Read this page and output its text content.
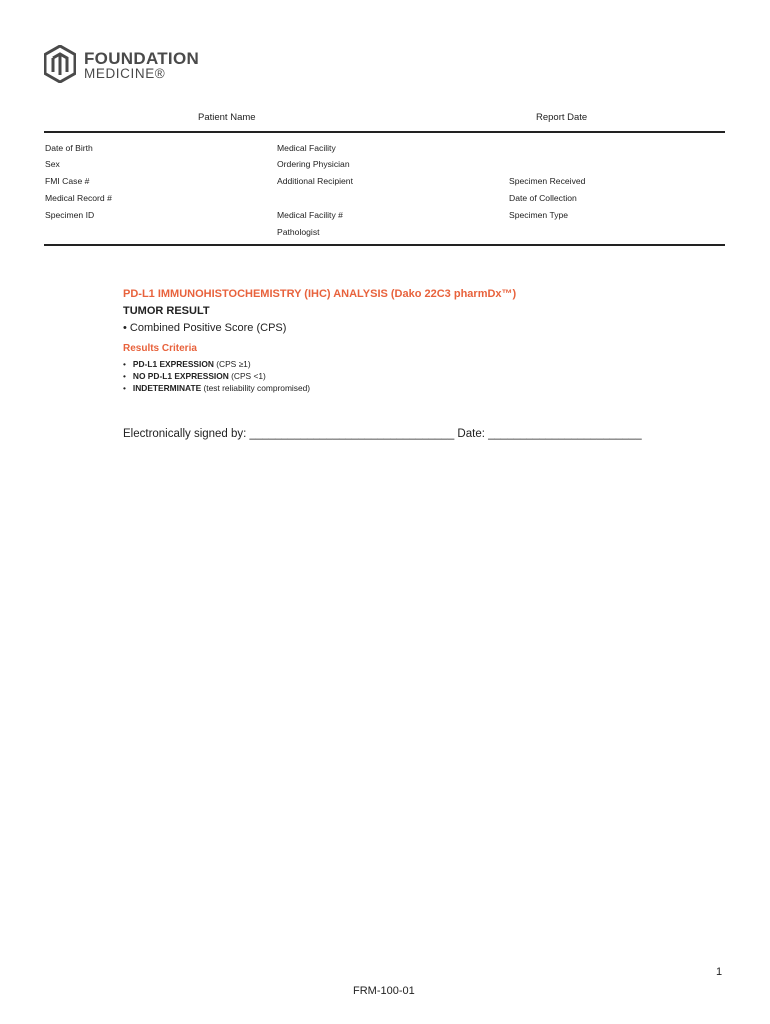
FOUNDATION
MEDICINE®
Patient Name	Report Date
Date of Birth
Sex
FMI Case #
Medical Record #
Specimen ID
Medical Facility
Ordering Physician
Additional Recipient
Medical Facility #
Pathologist
Specimen Received
Date of Collection
Specimen Type
PD-L1 IMMUNOHISTOCHEMISTRY (IHC) ANALYSIS (Dako 22C3 pharmDx™)
TUMOR RESULT
• Combined Positive Score (CPS)
Results Criteria
• PD-L1 EXPRESSION (CPS ≥1)
• NO PD-L1 EXPRESSION (CPS <1)
• INDETERMINATE (test reliability compromised)
Electronically signed by: ________________________________ Date: ________________________
1
FRM-100-01
